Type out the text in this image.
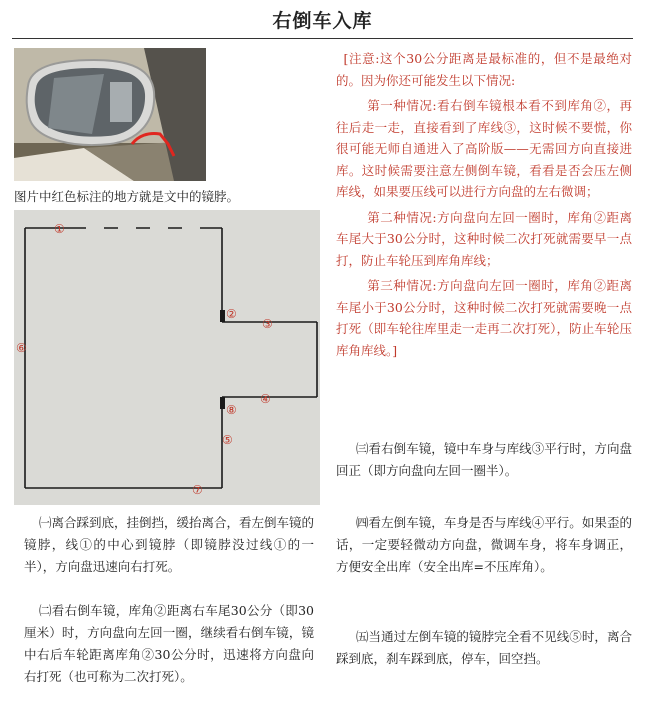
右倒车入库
图片中红色标注的地方就是文中的镜脖。
①
②
③
④
⑤
⑥
⑦
⑧
㈠离合踩到底，挂倒挡，缓抬离合，看左倒车镜的镜脖，线①的中心到镜脖（即镜脖没过线①的一半），方向盘迅速向右打死。
㈡看右倒车镜，库角②距离右车尾30公分（即30厘米）时，方向盘向左回一圈，继续看右倒车镜，镜中右后车轮距离库角②30公分时，迅速将方向盘向右打死（也可称为二次打死）。

[注意:这个30公分距离是最标准的，但不是最绝对的。因为你还可能发生以下情况:

第一种情况:看右倒车镜根本看不到库角②，再往后走一走，直接看到了库线③，这时候不要慌，你很可能无师自通进入了高阶版——无需回方向直接进库。这时候需要注意左侧倒车镜，看看是否会压左侧库线，如果要压线可以进行方向盘的左右微调；

第二种情况:方向盘向左回一圈时，库角②距离车尾大于30公分时，这种时候二次打死就需要早一点打，防止车轮压到库角库线；

第三种情况:方向盘向左回一圈时，库角②距离车尾小于30公分时，这种时候二次打死就需要晚一点打死（即车轮往库里走一走再二次打死），防止车轮压库角库线。]

㈢看右倒车镜，镜中车身与库线③平行时，方向盘回正（即方向盘向左回一圈半）。
㈣看左倒车镜，车身是否与库线④平行。如果歪的话，一定要轻微动方向盘，微调车身，将车身调正，方便安全出库（安全出库=不压库角）。
㈤当通过左倒车镜的镜脖完全看不见线⑤时，离合踩到底，刹车踩到底，停车，回空挡。
